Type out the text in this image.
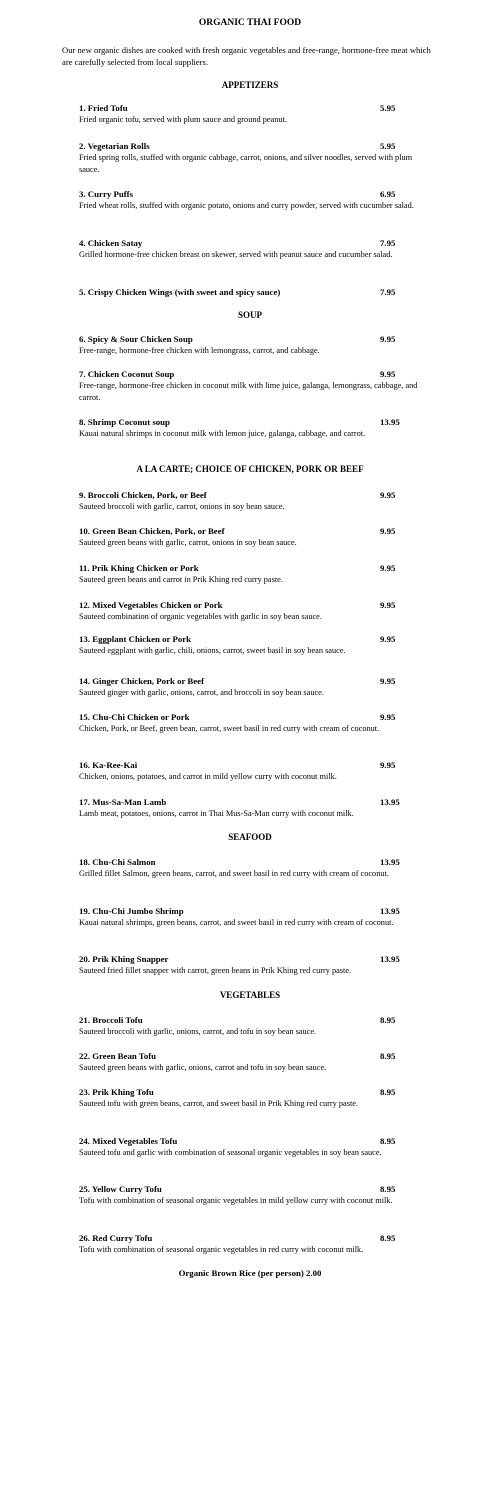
ORGANIC THAI FOOD
Our new organic dishes are cooked with fresh organic vegetables and free-range, hormone-free meat which are carefully selected from local suppliers.
APPETIZERS
1. Fried Tofu	5.95
Fried organic tofu, served with plum sauce and ground peanut.
2. Vegetarian Rolls	5.95
Fried spring rolls, stuffed with organic cabbage, carrot, onions, and silver noodles, served with plum sauce.
3. Curry Puffs	6.95
Fried wheat rolls, stuffed with organic potato, onions and curry powder, served with cucumber salad.
4. Chicken Satay	7.95
Grilled hormone-free chicken breast on skewer, served with peanut sauce and cucumber salad.
5. Crispy Chicken Wings (with sweet and spicy sauce)	7.95
SOUP
6. Spicy & Sour Chicken Soup	9.95
Free-range, hormone-free chicken with lemongrass, carrot, and cabbage.
7. Chicken Coconut Soup	9.95
Free-range, hormone-free chicken in coconut milk with lime juice, galanga, lemongrass, cabbage, and carrot.
8. Shrimp Coconut soup	13.95
Kauai natural shrimps in coconut milk with lemon juice, galanga, cabbage, and carrot.
A LA CARTE; CHOICE OF CHICKEN, PORK OR BEEF
9. Broccoli Chicken, Pork, or Beef	9.95
Sauteed broccoli with garlic, carrot, onions in soy bean sauce.
10. Green Bean Chicken, Pork, or Beef	9.95
Sauteed green beans with garlic, carrot, onions in soy bean sauce.
11. Prik Khing Chicken or Pork	9.95
Sauteed green beans and carrot in Prik Khing red curry paste.
12. Mixed Vegetables Chicken or Pork	9.95
Sauteed combination of organic vegetables with garlic in soy bean sauce.
13. Eggplant Chicken or Pork	9.95
Sauteed eggplant with garlic, chili, onions, carrot, sweet basil in soy bean sauce.
14. Ginger Chicken, Pork or Beef	9.95
Sauteed ginger with garlic, onions, carrot, and broccoli in soy bean sauce.
15. Chu-Chi Chicken or Pork	9.95
Chicken, Pork, or Beef, green bean, carrot, sweet basil in red curry with cream of coconut.
16. Ka-Ree-Kai	9.95
Chicken, onions, potatoes, and carrot in mild yellow curry with coconut milk.
17. Mus-Sa-Man Lamb	13.95
Lamb meat, potatoes, onions, carrot in Thai Mus-Sa-Man curry with coconut milk.
SEAFOOD
18. Chu-Chi Salmon	13.95
Grilled fillet Salmon, green beans, carrot, and sweet basil in red curry with cream of coconut.
19. Chu-Chi Jumbo Shrimp	13.95
Kauai natural shrimps, green beans, carrot, and sweet basil in red curry with cream of coconut.
20. Prik Khing Snapper	13.95
Sauteed fried fillet snapper with carrot, green beans in Prik Khing red curry paste.
VEGETABLES
21. Broccoli Tofu	8.95
Sauteed broccoli with garlic, onions, carrot, and tofu in soy bean sauce.
22. Green Bean Tofu	8.95
Sauteed green beans with garlic, onions, carrot and tofu in soy bean sauce.
23. Prik Khing Tofu	8.95
Sauteed tofu with green beans, carrot, and sweet basil in Prik Khing red curry paste.
24. Mixed Vegetables Tofu	8.95
Sauteed tofu and garlic with combination of seasonal organic vegetables in soy bean sauce.
25. Yellow Curry Tofu	8.95
Tofu with combination of seasonal organic vegetables in mild yellow curry with coconut milk.
26. Red Curry Tofu	8.95
Tofu with combination of seasonal organic vegetables in red curry with coconut milk.
Organic Brown Rice (per person) 2.00
